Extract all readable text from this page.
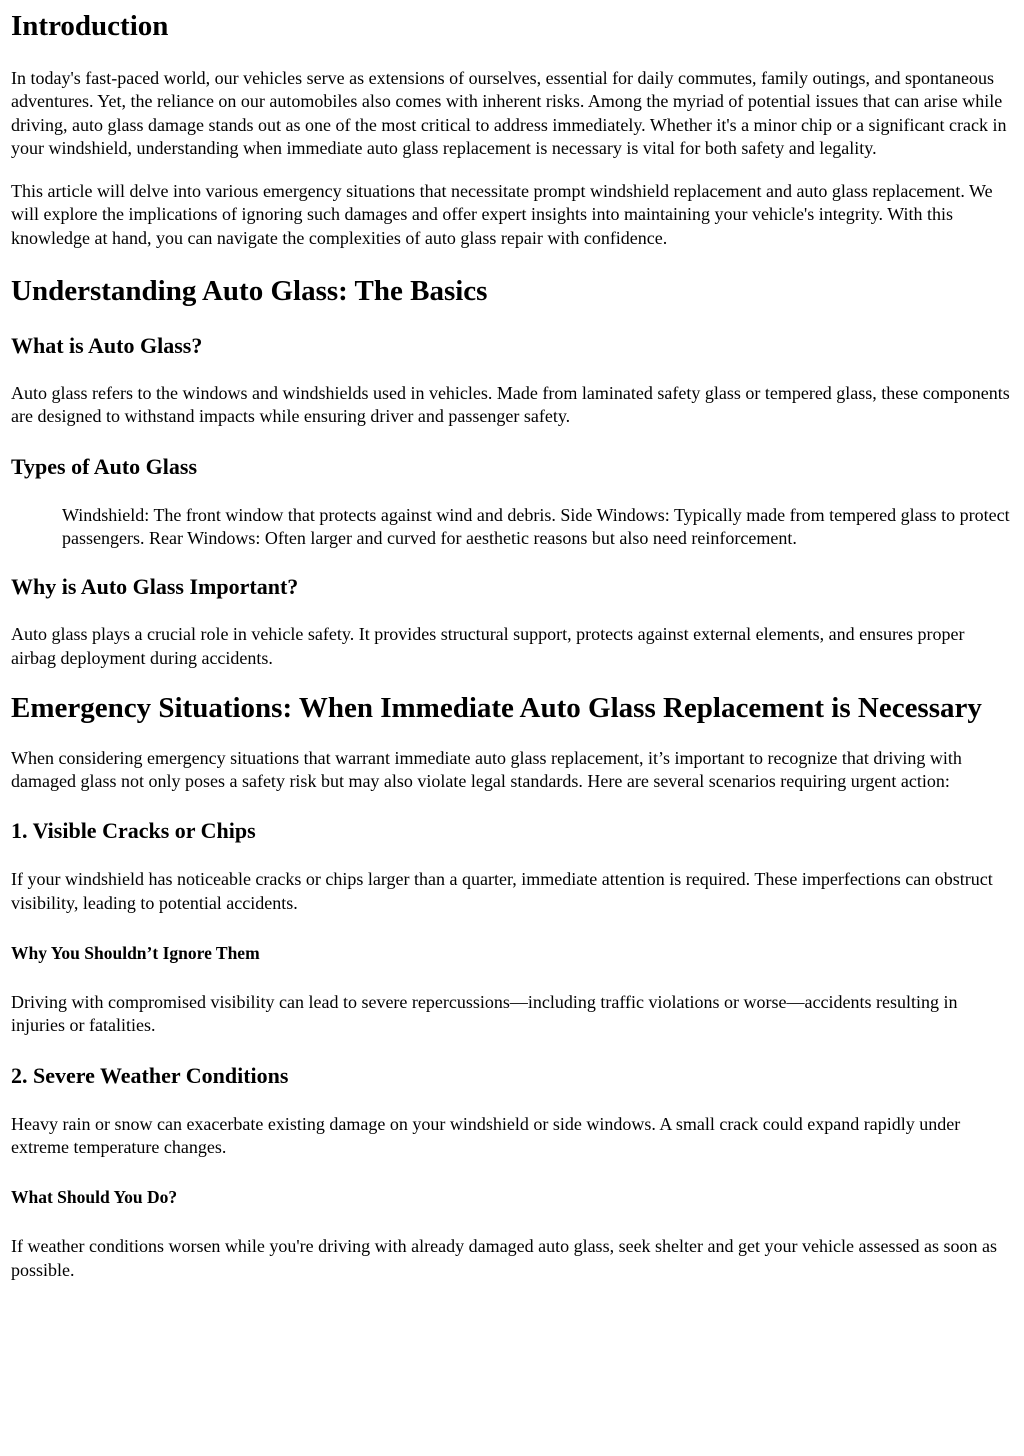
Introduction

In today's fast-paced world, our vehicles serve as extensions of ourselves, essential for daily commutes, family outings, and spontaneous adventures. Yet, the reliance on our automobiles also comes with inherent risks. Among the myriad of potential issues that can arise while driving, auto glass damage stands out as one of the most critical to address immediately. Whether it's a minor chip or a significant crack in your windshield, understanding when immediate auto glass replacement is necessary is vital for both safety and legality.

This article will delve into various emergency situations that necessitate prompt windshield replacement and auto glass replacement. We will explore the implications of ignoring such damages and offer expert insights into maintaining your vehicle's integrity. With this knowledge at hand, you can navigate the complexities of auto glass repair with confidence.

Understanding Auto Glass: The Basics
What is Auto Glass?

Auto glass refers to the windows and windshields used in vehicles. Made from laminated safety glass or tempered glass, these components are designed to withstand impacts while ensuring driver and passenger safety.

Types of Auto Glass
Windshield: The front window that protects against wind and debris. Side Windows: Typically made from tempered glass to protect passengers. Rear Windows: Often larger and curved for aesthetic reasons but also need reinforcement.
Why is Auto Glass Important?

Auto glass plays a crucial role in vehicle safety. It provides structural support, protects against external elements, and ensures proper airbag deployment during accidents.

Emergency Situations: When Immediate Auto Glass Replacement is Necessary

When considering emergency situations that warrant immediate auto glass replacement, it’s important to recognize that driving with damaged glass not only poses a safety risk but may also violate legal standards. Here are several scenarios requiring urgent action:

1. Visible Cracks or Chips

If your windshield has noticeable cracks or chips larger than a quarter, immediate attention is required. These imperfections can obstruct visibility, leading to potential accidents.

Why You Shouldn’t Ignore Them

Driving with compromised visibility can lead to severe repercussions—including traffic violations or worse—accidents resulting in injuries or fatalities.

2. Severe Weather Conditions

Heavy rain or snow can exacerbate existing damage on your windshield or side windows. A small crack could expand rapidly under extreme temperature changes.

What Should You Do?

If weather conditions worsen while you're driving with already damaged auto glass, seek shelter and get your vehicle assessed as soon as possible.
